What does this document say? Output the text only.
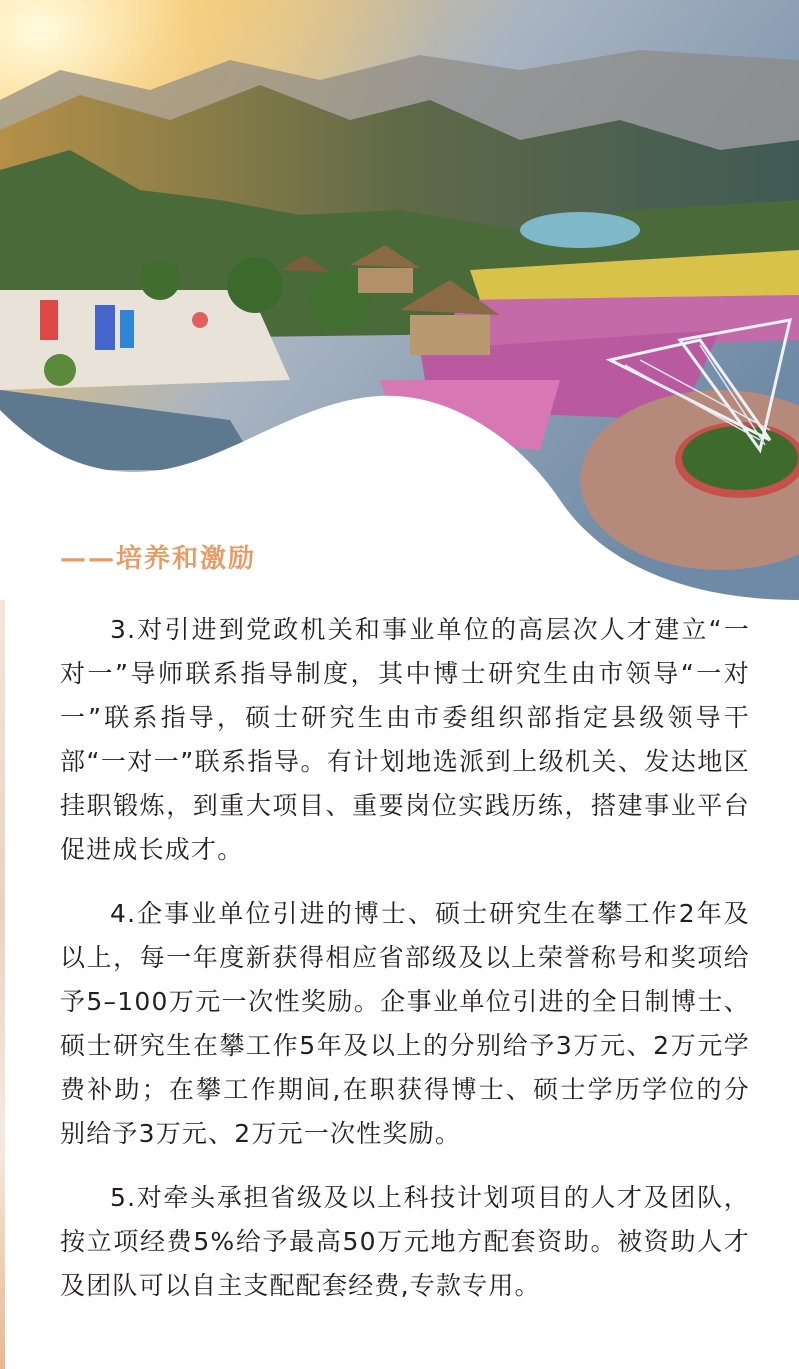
——培养和激励

3.对引进到党政机关和事业单位的高层次人才建立“一对一”导师联系指导制度，其中博士研究生由市领导“一对一”联系指导，硕士研究生由市委组织部指定县级领导干部“一对一”联系指导。有计划地选派到上级机关、发达地区挂职锻炼，到重大项目、重要岗位实践历练，搭建事业平台促进成长成才。

4.企事业单位引进的博士、硕士研究生在攀工作2年及以上，每一年度新获得相应省部级及以上荣誉称号和奖项给予5–100万元一次性奖励。企事业单位引进的全日制博士、硕士研究生在攀工作5年及以上的分别给予3万元、2万元学费补助；在攀工作期间,在职获得博士、硕士学历学位的分别给予3万元、2万元一次性奖励。

5.对牵头承担省级及以上科技计划项目的人才及团队，按立项经费5%给予最高50万元地方配套资助。被资助人才及团队可以自主支配配套经费,专款专用。
